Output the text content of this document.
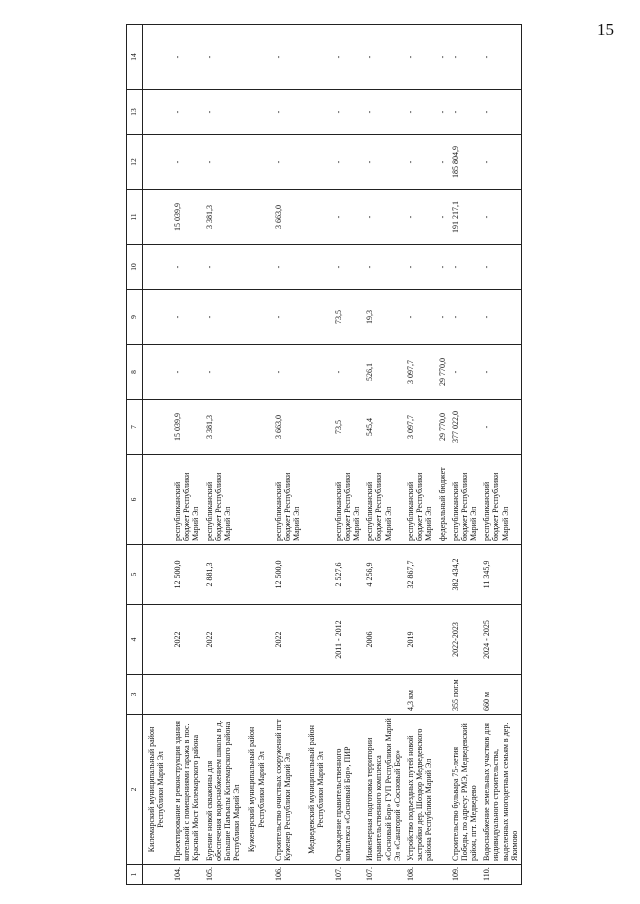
15
1	2	3	4	5	6	7	8	9	10	11	12	13	14
	Килемарский муниципальный район Республики Марий Эл												
104.	Проектирование и реконструкция здания котельной с помещениями гаража в пос. Красный Мост Килемарского района		2022	12 500,0	республиканский бюджет Республики Марий Эл	15 039,9	-	-	-	15 039,9	-	-	-
105.	Бурение новой скважины для обеспечения водоснабжением школы в д. Большие Памъялы Килемарского района Республики Марий Эл		2022	2 881,3	республиканский бюджет Республики Марий Эл	3 381,3	-	-	-	3 381,3	-	-	-
	Куженерский муниципальный район Республики Марий Эл												
106.	Строительство очистных сооружений пгт Куженер Республики Марий Эл		2022	12 500,0	республиканский бюджет Республики Марий Эл	3 663,0	-	-	-	3 663,0	-	-	-
	Медведевский муниципальный район Республики Марий Эл												
107.	Ограждение правительственного комплекса «Сосновый Бор», ПИР		2011 - 2012	2 527,6	республиканский бюджет Республики Марий Эл	73,5	-	73,5	-	-	-	-	-
107.	Инженерная подготовка территории правительственного комплекса «Сосновый Бор» ГУП Республики Марий Эл «Санаторий «Сосновый Бор»		2006	4 256,9	республиканский бюджет Республики Марий Эл	545,4	526,1	19,3	-	-	-	-	-
108.	Устройство подъездных путей новой застройки дер. Шоэдор Медведевского района Республики Марий Эл	4,3 км	2019	32 867,7	республиканский бюджет Республики Марий Эл	3 097,7	3 097,7	-	-	-	-	-	-
					федеральный бюджет	29 770,0	29 770,0	-	-	-	-	-	-
109.	Строительство бульвара 75-летия Победы, по адресу: РМЭ, Медведевский район, пгт. Медведево	355 пог.м	2022-2023	382 434,2	республиканский бюджет Республики Марий Эл	377 022,0	-	-	-	191 217,1	185 804,9	-	-
110.	Водоснабжение земельных участков для индивидуального строительства, выделенных многодетным семьям в дер. Якимово	660 м	2024 - 2025	11 345,9	республиканский бюджет Республики Марий Эл	-	-	-	-	-	-	-	-
